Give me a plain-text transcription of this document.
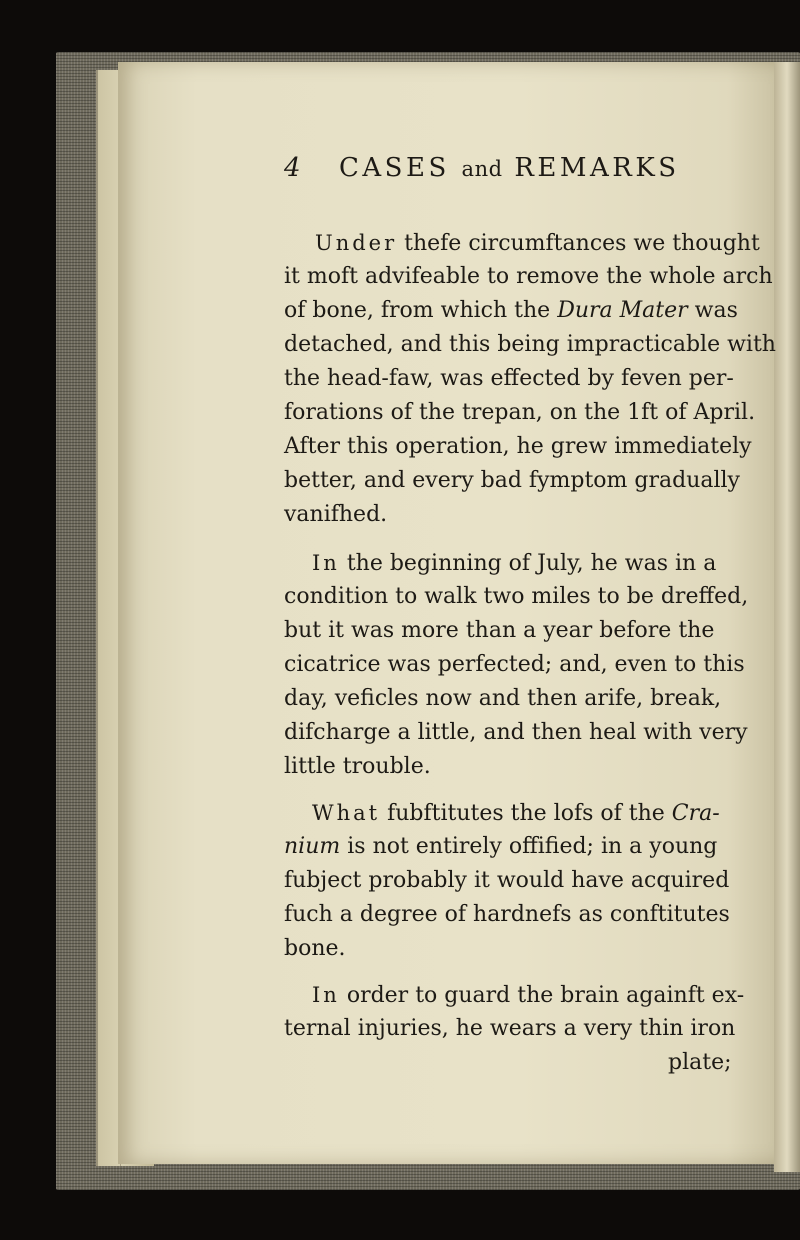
4 CASES and REMARKS
Under thefe circumftances we thought
it moft advifeable to remove the whole arch
of bone, from which the Dura Mater was
detached, and this being impracticable with
the head-faw, was effected by feven per-
forations of the trepan, on the 1ft of April.
After this operation, he grew immediately
better, and every bad fymptom gradually
vanifhed.
In the beginning of July, he was in a
condition to walk two miles to be dreffed,
but it was more than a year before the
cicatrice was perfected; and, even to this
day, veficles now and then arife, break,
difcharge a little, and then heal with very
little trouble.
What fubftitutes the lofs of the Cra-
nium is not entirely offified; in a young
fubject probably it would have acquired
fuch a degree of hardnefs as conftitutes
bone.
In order to guard the brain againft ex-
ternal injuries, he wears a very thin iron
plate;
